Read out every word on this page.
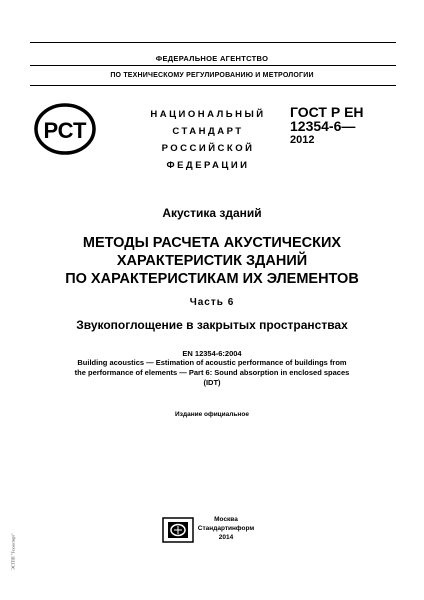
ФЕДЕРАЛЬНОЕ АГЕНТСТВО
ПО ТЕХНИЧЕСКОМУ РЕГУЛИРОВАНИЮ И МЕТРОЛОГИИ
РСТ
НАЦИОНАЛЬНЫЙ
СТАНДАРТ
РОССИЙСКОЙ
ФЕДЕРАЦИИ
ГОСТ Р ЕН
12354-6—
2012
Акустика зданий
МЕТОДЫ РАСЧЕТА АКУСТИЧЕСКИХ
ХАРАКТЕРИСТИК ЗДАНИЙ
ПО ХАРАКТЕРИСТИКАМ ИХ ЭЛЕМЕНТОВ
Часть 6
Звукопоглощение в закрытых пространствах
EN 12354-6:2004
Building acoustics — Estimation of acoustic performance of buildings from
the performance of elements — Part 6: Sound absorption in enclosed spaces
(IDT)
Издание официальное
Москва
Стандартинформ
2014
ЭСТПП "Техэксперт"
